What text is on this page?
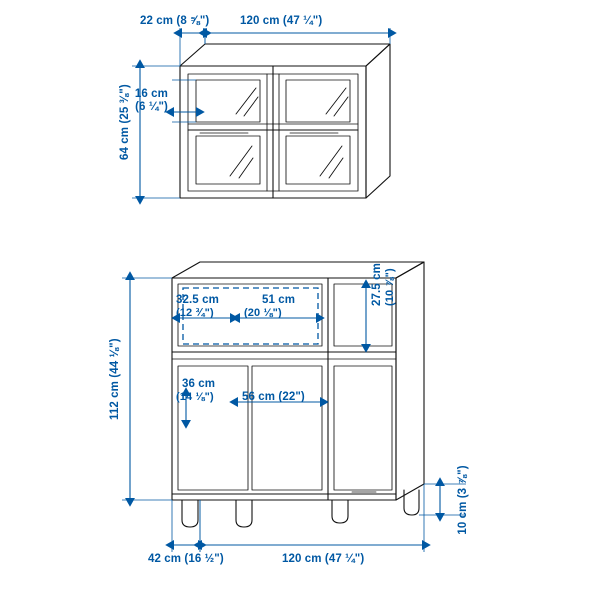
22 cm (8 ⅝")	120 cm (47 ¼")
64 cm (25 ⅜") 16 cm
(6 ¼")
32.5 cm
(12 ¾")
51 cm
(20 ⅛")
27.5 cm (10 ⅞")
36 cm
(14 ⅛") 56 cm (22")
112 cm (44 ⅛")
42 cm (16 ½")	120 cm (47 ¼")
10 cm (3 ⅞")
